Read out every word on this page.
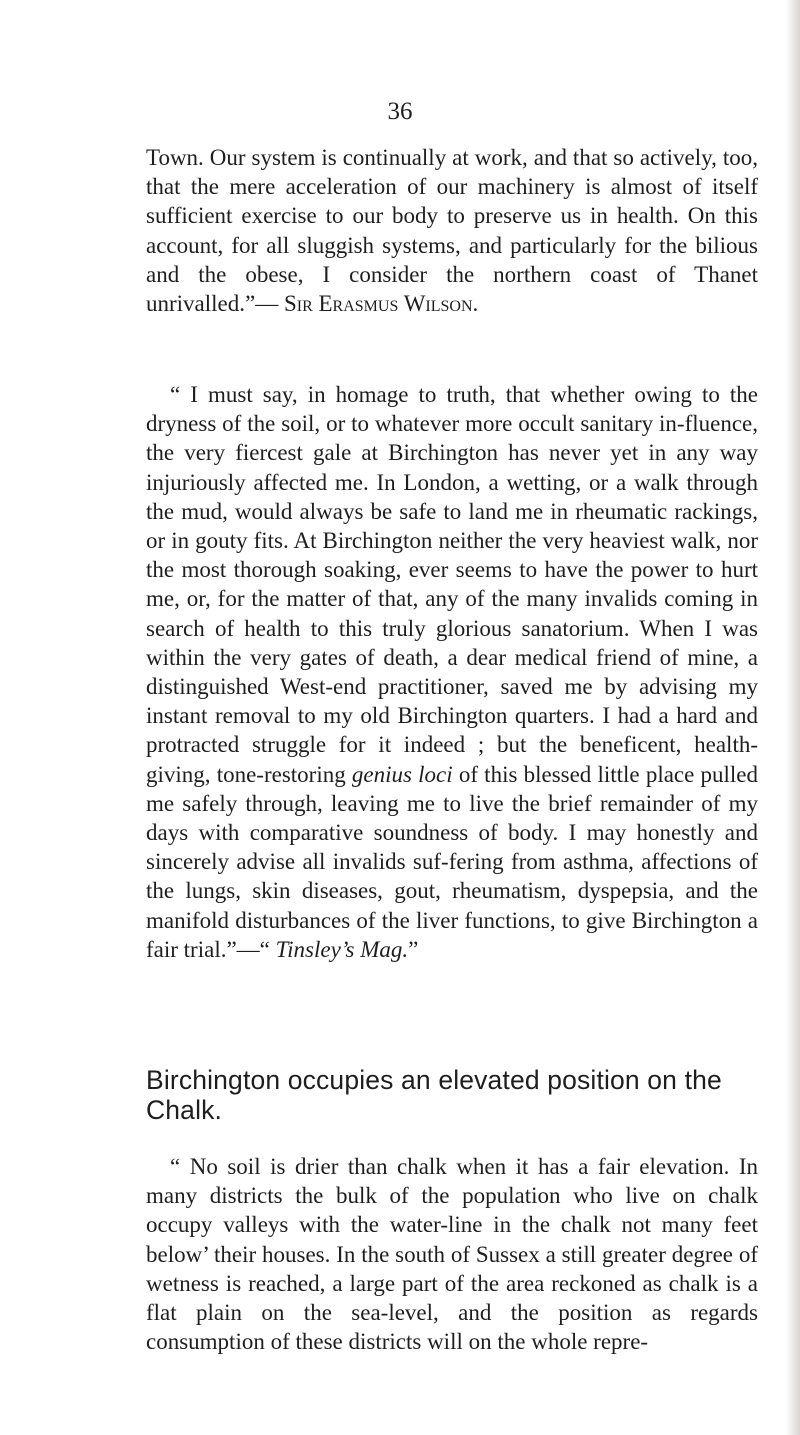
36
Town. Our system is continually at work, and that so actively, too, that the mere acceleration of our machinery is almost of itself sufficient exercise to our body to preserve us in health. On this account, for all sluggish systems, and particularly for the bilious and the obese, I consider the northern coast of Thanet unrivalled.”— Sir Erasmus Wilson.
“ I must say, in homage to truth, that whether owing to the dryness of the soil, or to whatever more occult sanitary in-fluence, the very fiercest gale at Birchington has never yet in any way injuriously affected me. In London, a wetting, or a walk through the mud, would always be safe to land me in rheumatic rackings, or in gouty fits. At Birchington neither the very heaviest walk, nor the most thorough soaking, ever seems to have the power to hurt me, or, for the matter of that, any of the many invalids coming in search of health to this truly glorious sanatorium. When I was within the very gates of death, a dear medical friend of mine, a distinguished West-end practitioner, saved me by advising my instant removal to my old Birchington quarters. I had a hard and protracted struggle for it indeed ; but the beneficent, health-giving, tone-restoring genius loci of this blessed little place pulled me safely through, leaving me to live the brief remainder of my days with comparative soundness of body. I may honestly and sincerely advise all invalids suf-fering from asthma, affections of the lungs, skin diseases, gout, rheumatism, dyspepsia, and the manifold disturbances of the liver functions, to give Birchington a fair trial.”—“ Tinsley’s Mag.”
Birchington occupies an elevated position on the Chalk.
“ No soil is drier than chalk when it has a fair elevation. In many districts the bulk of the population who live on chalk occupy valleys with the water-line in the chalk not many feet below’ their houses. In the south of Sussex a still greater degree of wetness is reached, a large part of the area reckoned as chalk is a flat plain on the sea-level, and the position as regards consumption of these districts will on the whole repre-
